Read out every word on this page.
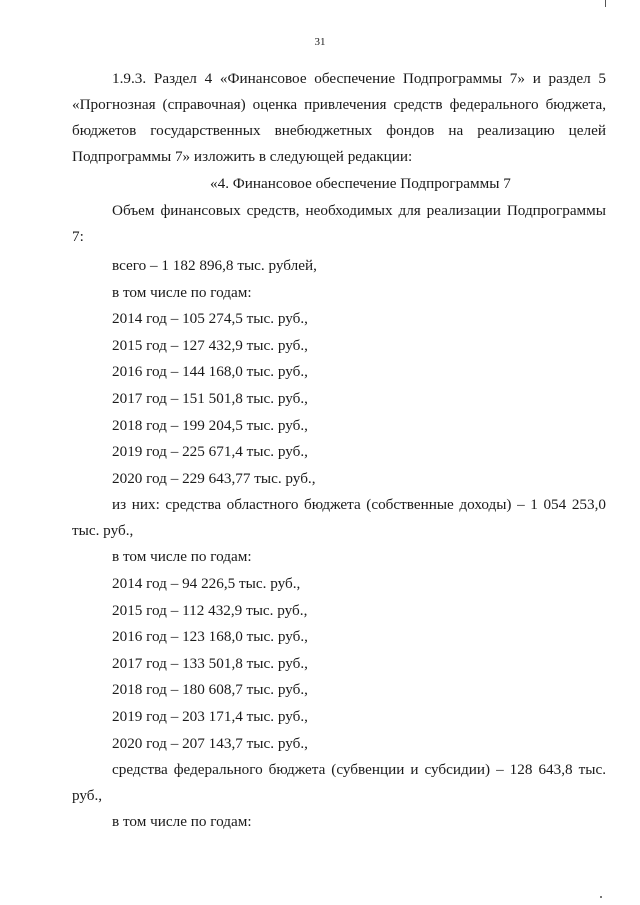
31

1.9.3. Раздел 4 «Финансовое обеспечение Подпрограммы 7» и раздел 5 «Прогнозная (справочная) оценка привлечения средств федерального бюджета, бюджетов государственных внебюджетных фондов на реализацию целей Подпрограммы 7» изложить в следующей редакции:

«4. Финансовое обеспечение Подпрограммы 7

Объем финансовых средств, необходимых для реализации Подпрограммы 7:

всего – 1 182 896,8 тыс. рублей,

в том числе по годам:

2014 год – 105 274,5 тыс. руб.,

2015 год – 127 432,9 тыс. руб.,

2016 год – 144 168,0 тыс. руб.,

2017 год – 151 501,8 тыс. руб.,

2018 год – 199 204,5 тыс. руб.,

2019 год – 225 671,4 тыс. руб.,

2020 год – 229 643,77 тыс. руб.,

из них: средства областного бюджета (собственные доходы) – 1 054 253,0 тыс. руб.,

в том числе по годам:

2014 год – 94 226,5 тыс. руб.,

2015 год – 112 432,9 тыс. руб.,

2016 год – 123 168,0 тыс. руб.,

2017 год – 133 501,8 тыс. руб.,

2018 год – 180 608,7 тыс. руб.,

2019 год – 203 171,4 тыс. руб.,

2020 год – 207 143,7 тыс. руб.,

средства федерального бюджета (субвенции и субсидии) – 128 643,8 тыс. руб.,

в том числе по годам:
